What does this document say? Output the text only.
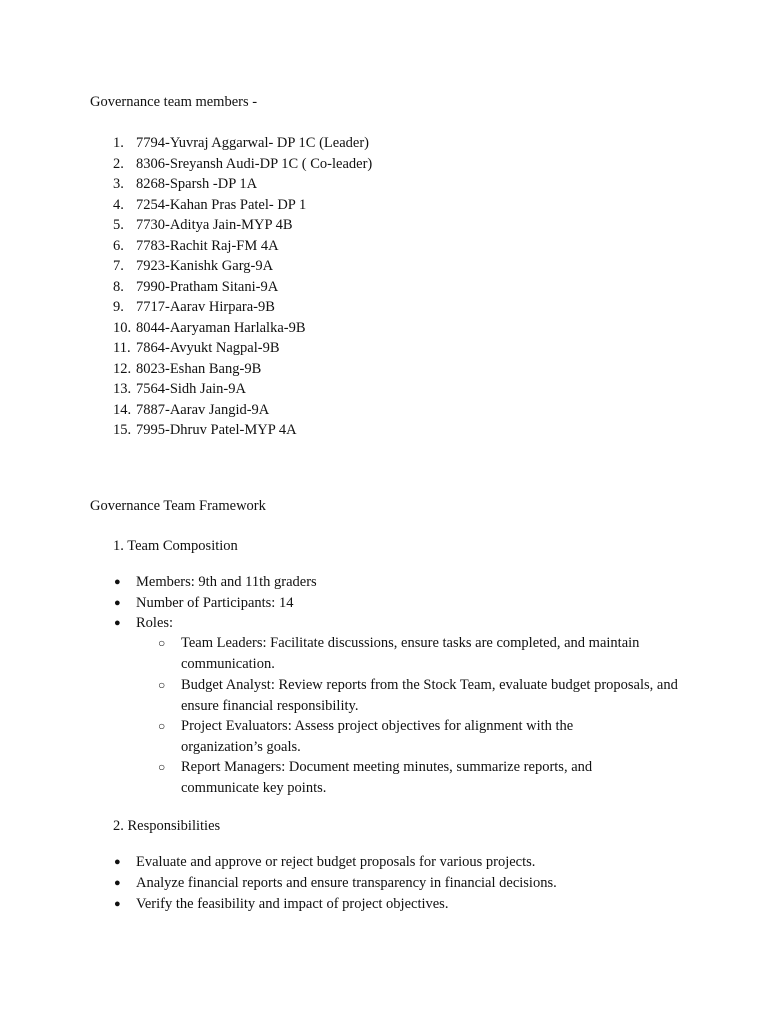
Governance team members -
1. 7794-Yuvraj Aggarwal- DP 1C (Leader)
2. 8306-Sreyansh Audi-DP 1C ( Co-leader)
3. 8268-Sparsh -DP 1A
4. 7254-Kahan Pras Patel- DP 1
5. 7730-Aditya Jain-MYP 4B
6. 7783-Rachit Raj-FM 4A
7. 7923-Kanishk Garg-9A
8. 7990-Pratham Sitani-9A
9. 7717-Aarav Hirpara-9B
10. 8044-Aaryaman Harlalka-9B
11. 7864-Avyukt Nagpal-9B
12. 8023-Eshan Bang-9B
13. 7564-Sidh Jain-9A
14. 7887-Aarav Jangid-9A
15. 7995-Dhruv Patel-MYP 4A
Governance Team Framework
1. Team Composition
● Members: 9th and 11th graders
● Number of Participants: 14
● Roles:
○ Team Leaders: Facilitate discussions, ensure tasks are completed, and maintain communication.
○ Budget Analyst: Review reports from the Stock Team, evaluate budget proposals, and ensure financial responsibility.
○ Project Evaluators: Assess project objectives for alignment with the organization’s goals.
○ Report Managers: Document meeting minutes, summarize reports, and communicate key points.
2. Responsibilities
● Evaluate and approve or reject budget proposals for various projects.
● Analyze financial reports and ensure transparency in financial decisions.
● Verify the feasibility and impact of project objectives.
